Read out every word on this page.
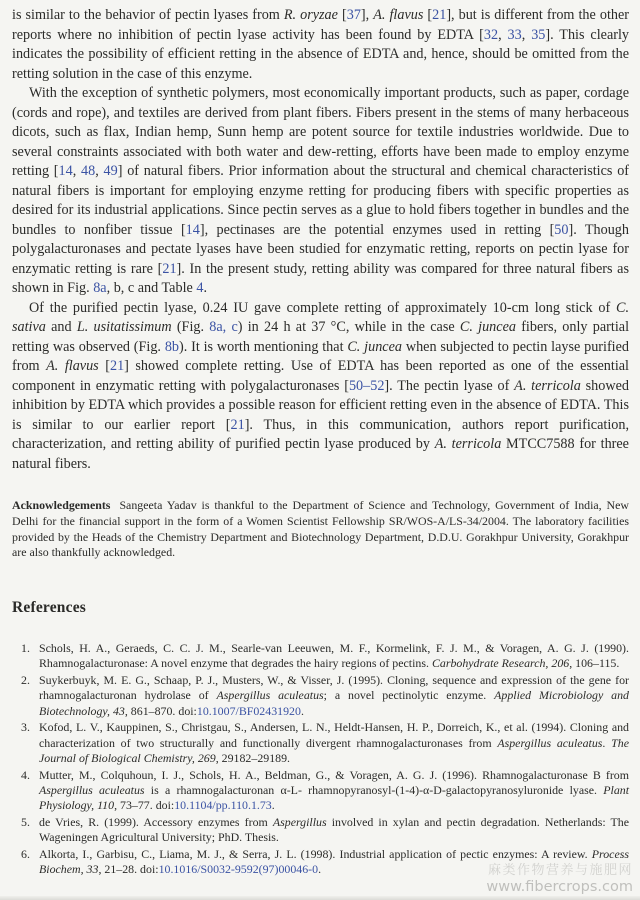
is similar to the behavior of pectin lyases from R. oryzae [37], A. flavus [21], but is different from the other reports where no inhibition of pectin lyase activity has been found by EDTA [32, 33, 35]. This clearly indicates the possibility of efficient retting in the absence of EDTA and, hence, should be omitted from the retting solution in the case of this enzyme.

With the exception of synthetic polymers, most economically important products, such as paper, cordage (cords and rope), and textiles are derived from plant fibers. Fibers present in the stems of many herbaceous dicots, such as flax, Indian hemp, Sunn hemp are potent source for textile industries worldwide. Due to several constraints associated with both water and dew-retting, efforts have been made to employ enzyme retting [14, 48, 49] of natural fibers. Prior information about the structural and chemical characteristics of natural fibers is important for employing enzyme retting for producing fibers with specific properties as desired for its industrial applications. Since pectin serves as a glue to hold fibers together in bundles and the bundles to nonfiber tissue [14], pectinases are the potential enzymes used in retting [50]. Though polygalacturonases and pectate lyases have been studied for enzymatic retting, reports on pectin lyase for enzymatic retting is rare [21]. In the present study, retting ability was compared for three natural fibers as shown in Fig. 8a, b, c and Table 4.

Of the purified pectin lyase, 0.24 IU gave complete retting of approximately 10-cm long stick of C. sativa and L. usitatissimum (Fig. 8a, c) in 24 h at 37 °C, while in the case C. juncea fibers, only partial retting was observed (Fig. 8b). It is worth mentioning that C. juncea when subjected to pectin layse purified from A. flavus [21] showed complete retting. Use of EDTA has been reported as one of the essential component in enzymatic retting with polygalacturonases [50–52]. The pectin lyase of A. terricola showed inhibition by EDTA which provides a possible reason for efficient retting even in the absence of EDTA. This is similar to our earlier report [21]. Thus, in this communication, authors report purification, characterization, and retting ability of purified pectin lyase produced by A. terricola MTCC7588 for three natural fibers.

Acknowledgements Sangeeta Yadav is thankful to the Department of Science and Technology, Government of India, New Delhi for the financial support in the form of a Women Scientist Fellowship SR/WOS-A/LS-34/2004. The laboratory facilities provided by the Heads of the Chemistry Department and Biotechnology Department, D.D.U. Gorakhpur University, Gorakhpur are also thankfully acknowledged.

References
1. Schols, H. A., Geraeds, C. C. J. M., Searle-van Leeuwen, M. F., Kormelink, F. J. M., & Voragen, A. G. J. (1990). Rhamnogalacturonase: A novel enzyme that degrades the hairy regions of pectins. Carbohydrate Research, 206, 106–115.
2. Suykerbuyk, M. E. G., Schaap, P. J., Musters, W., & Visser, J. (1995). Cloning, sequence and expression of the gene for rhamnogalacturonan hydrolase of Aspergillus aculeatus; a novel pectinolytic enzyme. Applied Microbiology and Biotechnology, 43, 861–870. doi:10.1007/BF02431920.
3. Kofod, L. V., Kauppinen, S., Christgau, S., Andersen, L. N., Heldt-Hansen, H. P., Dorreich, K., et al. (1994). Cloning and characterization of two structurally and functionally divergent rhamnogalacturonases from Aspergillus aculeatus. The Journal of Biological Chemistry, 269, 29182–29189.
4. Mutter, M., Colquhoun, I. J., Schols, H. A., Beldman, G., & Voragen, A. G. J. (1996). Rhamnogalacturonase B from Aspergillus aculeatus is a rhamnogalacturonan α-L- rhamnopyranosyl-(1-4)-α-D-galactopyranosyluronide lyase. Plant Physiology, 110, 73–77. doi:10.1104/pp.110.1.73.
5. de Vries, R. (1999). Accessory enzymes from Aspergillus involved in xylan and pectin degradation. Netherlands: The Wageningen Agricultural University; PhD. Thesis.
6. Alkorta, I., Garbisu, C., Liama, M. J., & Serra, J. L. (1998). Industrial application of pectic enzymes: A review. Process Biochem, 33, 21–28. doi:10.1016/S0032-9592(97)00046-0.	麻类作物营养与施肥网
www.fibercrops.com
